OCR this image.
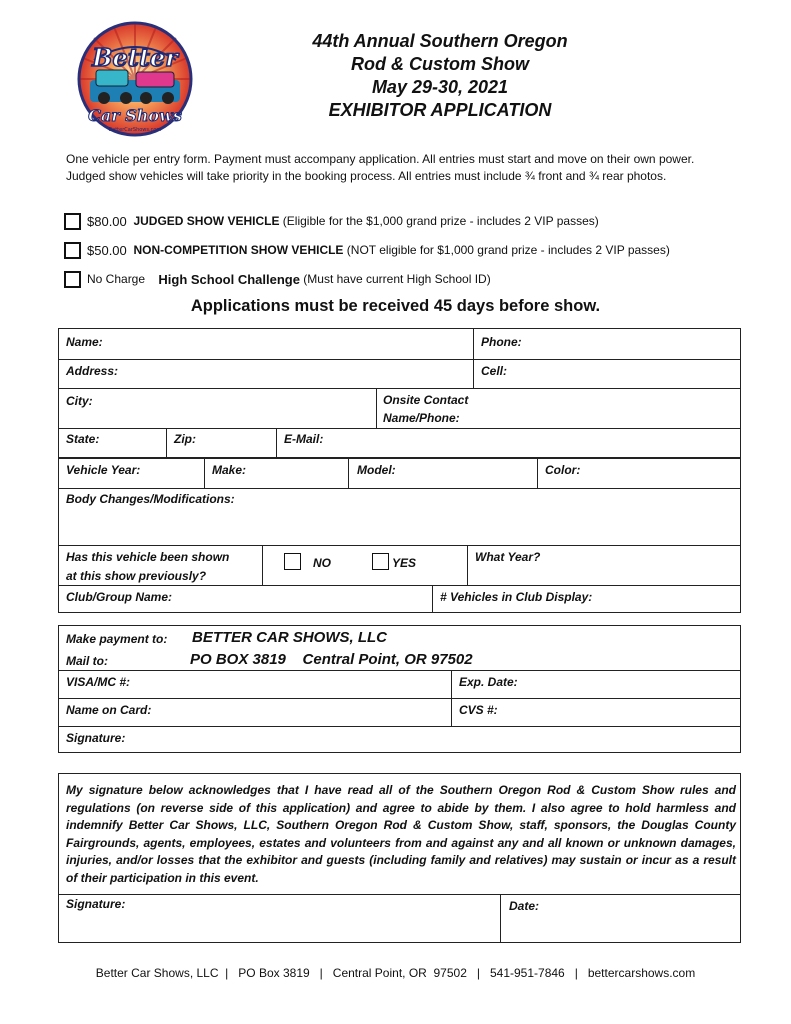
Better
Car Shows
BetterCarShows.com
44th Annual Southern Oregon
Rod & Custom Show
May 29-30, 2021
EXHIBITOR APPLICATION
One vehicle per entry form. Payment must accompany application. All entries must start and move on their own power. Judged show vehicles will take priority in the booking process. All entries must include ¾ front and ¾ rear photos.
$80.00
JUDGED SHOW VEHICLE
(Eligible for the $1,000 grand prize - includes 2 VIP passes)
$50.00
NON-COMPETITION SHOW VEHICLE
(NOT eligible for $1,000 grand prize - includes 2 VIP passes)
No Charge
High School Challenge
(Must have current High School ID)
Applications must be received 45 days before show.
Name:	Phone:
Address:	Cell:
City:	Onsite Contact
Name/Phone:
State:	Zip:	E-Mail:
Vehicle Year:	Make:	Model:	Color:
Body Changes/Modifications:
Has this vehicle been shown
at this show previously?
NO	YES	What Year?
Club/Group Name:	# Vehicles in Club Display:
Make payment to: BETTER CAR SHOWS, LLC
Mail to:	PO BOX 3819    Central Point, OR 97502
VISA/MC #:	Exp. Date:
Name on Card:	CVS #:
Signature:
My signature below acknowledges that I have read all of the Southern Oregon Rod & Custom Show rules and regulations (on reverse side of this application) and agree to abide by them. I also agree to hold harmless and indemnify Better Car Shows, LLC, Southern Oregon Rod & Custom Show, staff, sponsors, the Douglas County Fairgrounds, agents, employees, estates and volunteers from and against any and all known or unknown damages, injuries, and/or losses that the exhibitor and guests (including family and relatives) may sustain or incur as a result of their participation in this event.
Signature:	Date:
Better Car Shows, LLC  |   PO Box 3819   |   Central Point, OR  97502   |   541-951-7846   |   bettercarshows.com
